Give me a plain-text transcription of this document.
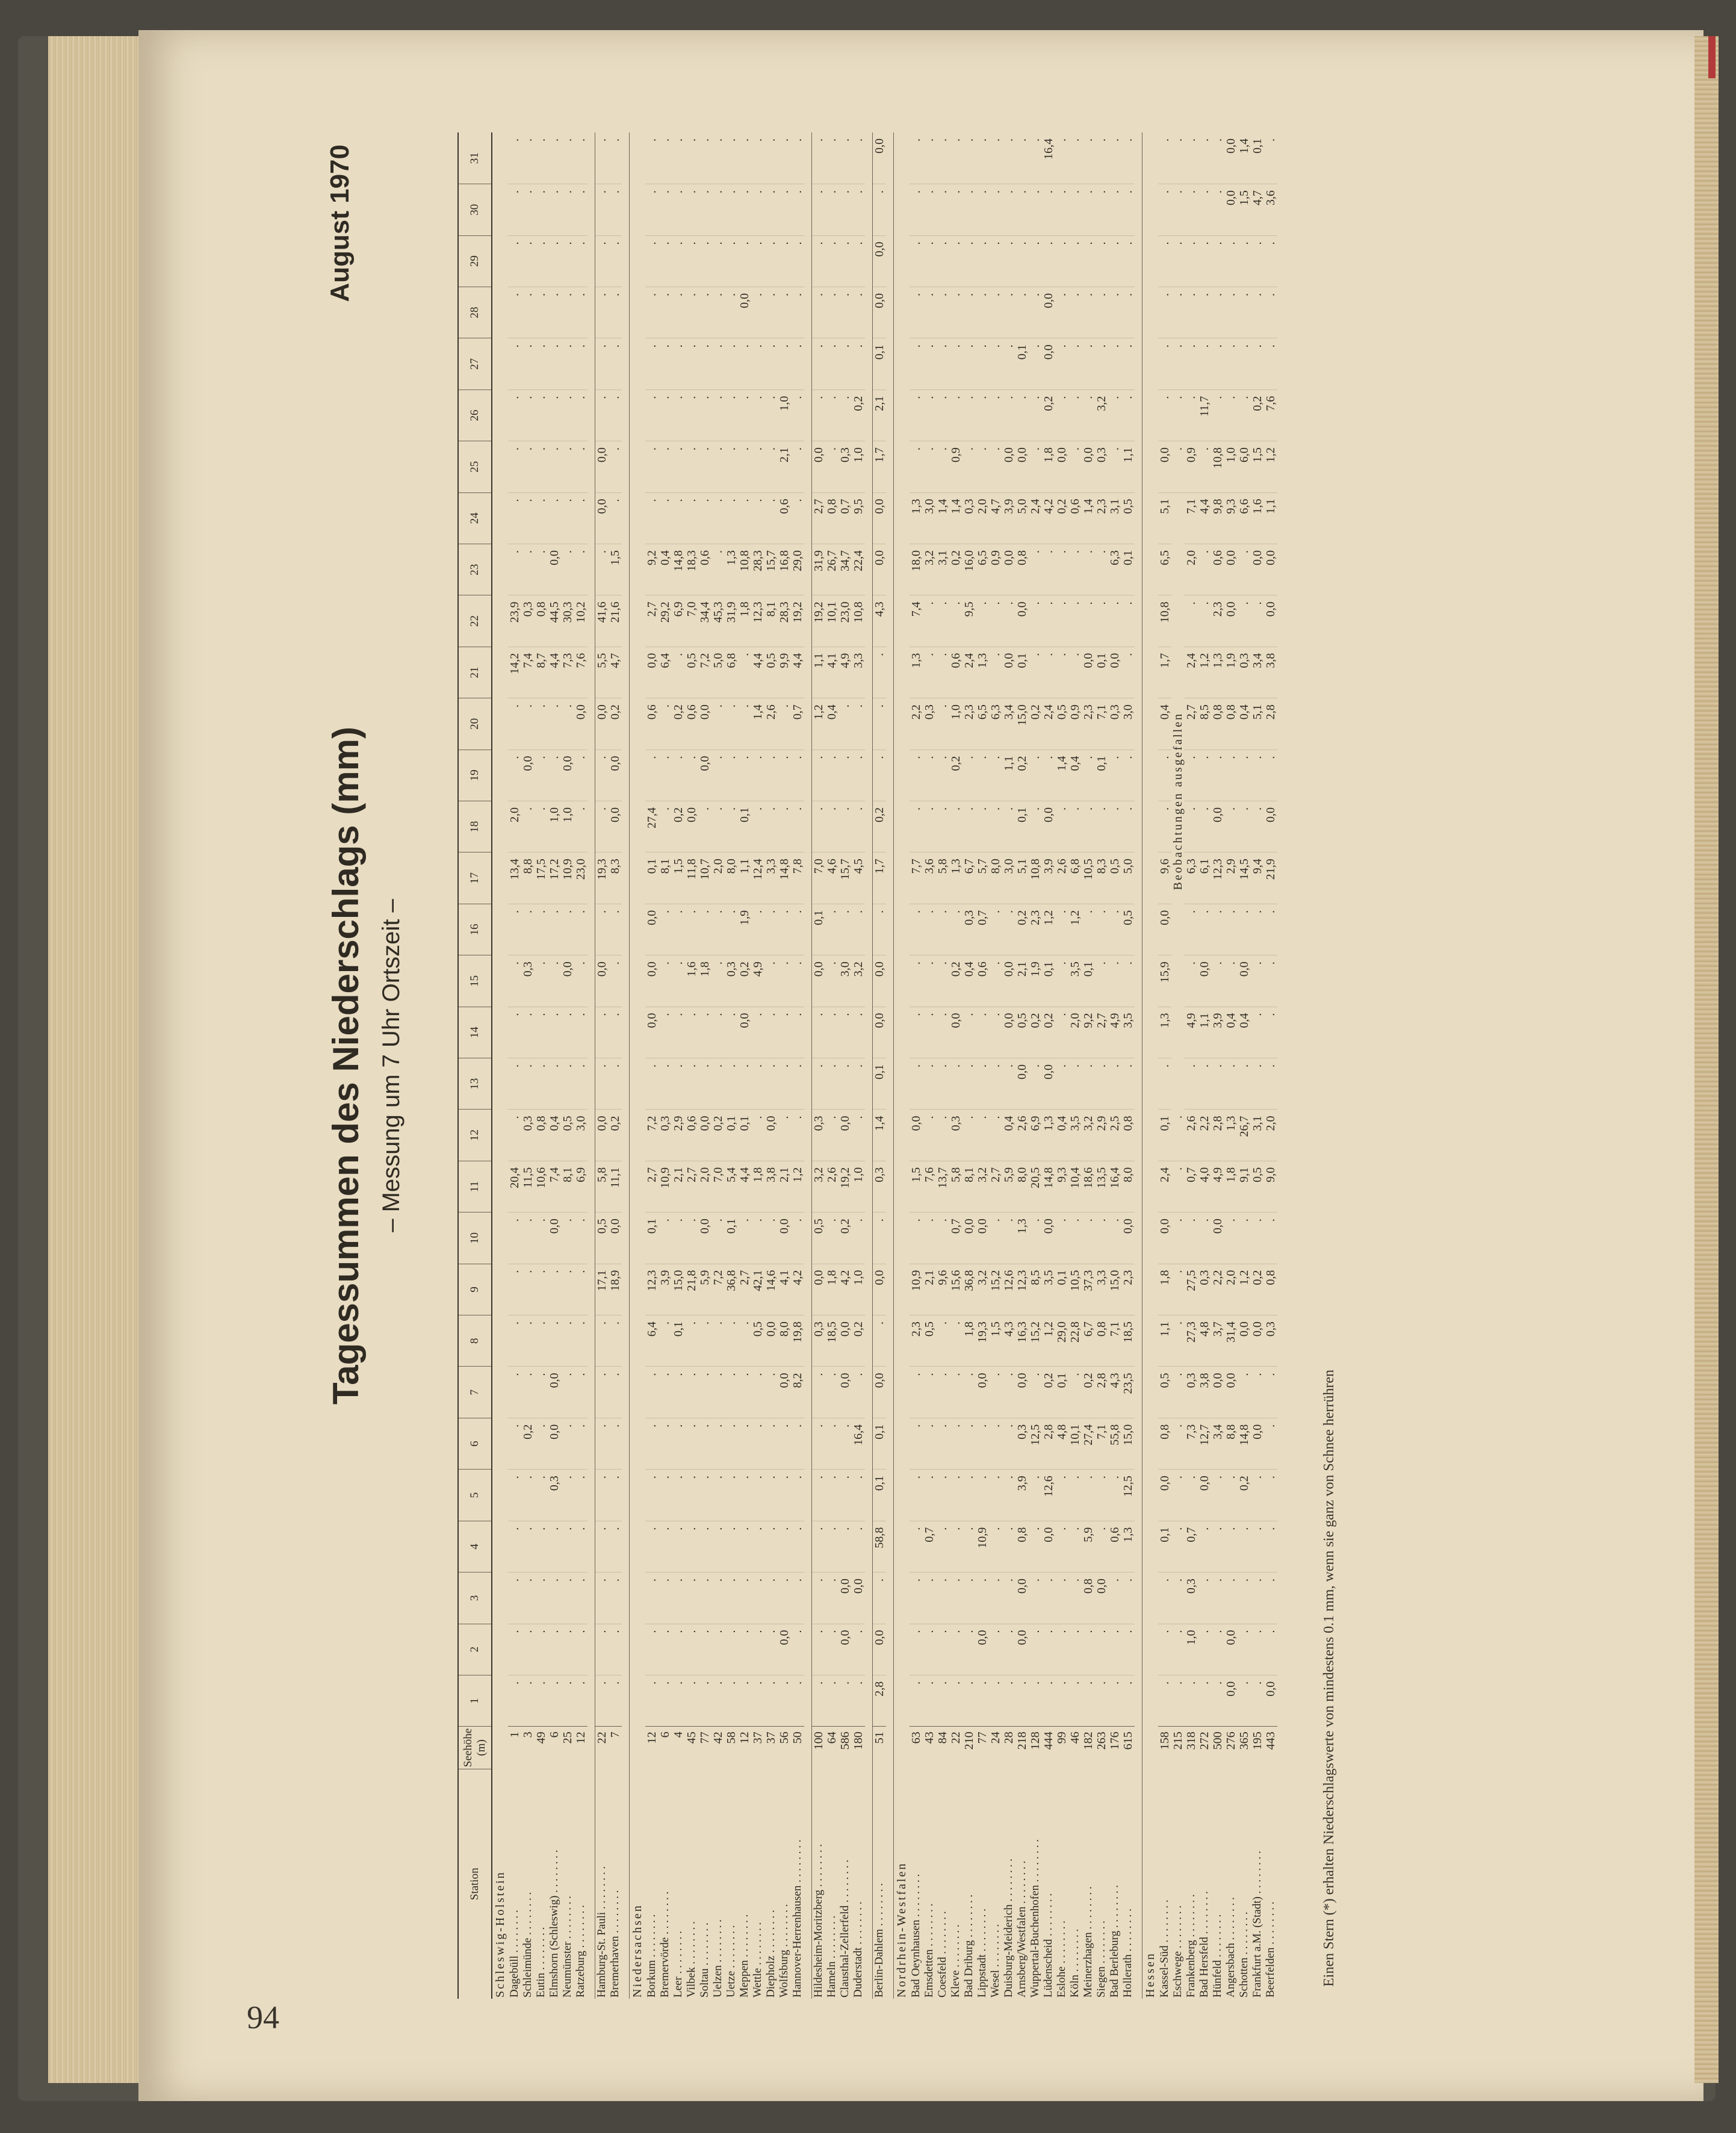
94
Einen Stern (*) erhalten Niederschlagswerte von mindestens 0.1 mm, wenn sie ganz von Schnee herrühren
Tagessummen des Niederschlags (mm) – Messung um 7 Uhr Ortszeit –
August 1970
Station	Seehöhe (m)	1	2	3	4	5	6	7	8	9	10	11	12	13	14	15	16	17	18	19	20	21	22	23	24	25	26	27	28	29	30	31
Schleswig-Holstein																																
Dagebüll . . . . . . . .	1	.	.	.	.	.	.	.	.	.	.	20,4	.	.	.	.	.	13,4	2,0	.	.	14,2	23,9	.	.	.	.	.	.	.	.	.
Schleimünde . . . . . . . .	3	.	.	.	.	.	0,2	.	.	.	.	11,5	0,3	.	.	0,3	.	8,8	.	0,0	.	7,4	0,3	.	.	.	.	.	.	.	.	.
Eutin . . . . . . . .	49	.	.	.	.	.	.	.	.	.	.	10,6	0,8	.	.	.	.	17,5	.	.	.	8,7	0,8	.	.	.	.	.	.	.	.	.
Elmshorn (Schleswig) . . . . . . . .	6	.	.	.	.	0,3	0,0	0,0	.	.	0,0	7,4	0,4	.	.	.	.	17,2	1,0	.	.	4,4	44,5	0,0	.	.	.	.	.	.	.	.
Neumünster . . . . . . . .	25	.	.	.	.	.	.	.	.	.	.	8,1	0,5	.	.	0,0	.	10,9	1,0	0,0	.	7,3	30,3	.	.	.	.	.	.	.	.	.
Ratzeburg . . . . . . . .	12	.	.	.	.	.	.	.	.	.	.	6,9	3,0	.	.	.	.	23,0	.	.	0,0	7,6	10,2	.	.	.	.	.	.	.	.	.

Hamburg-St. Pauli . . . . . . . .	22	.	.	.	.	.	.	.	.	17,1	0,5	5,8	0,0	.	.	0,0	.	19,3	.	.	0,0	5,5	41,6	.	0,0	0,0	.	.	.	.	.	.
Bremerhaven . . . . . . . .	7	.	.	.	.	.	.	.	.	18,9	0,0	11,1	0,2	.	.	.	.	8,3	0,0	0,0	0,2	4,7	21,6	1,5	.	.	.	.	.	.	.	.

Niedersachsen																																
Borkum . . . . . . . .	12	.	.	.	.	.	.	.	6,4	12,3	0,1	2,7	7,2	.	0,0	0,0	0,0	0,1	27,4	.	0,6	0,0	2,7	9,2	.	.	.	.	.	.	.	.
Bremervörde . . . . . . . .	6	.	.	.	.	.	.	.	.	3,9	.	10,9	0,3	.	.	.	.	8,1	.	.	.	6,4	29,2	0,4	.	.	.	.	.	.	.	.
Leer . . . . . . . .	4	.	.	.	.	.	.	.	0,1	15,0	.	2,1	2,9	.	.	.	.	1,5	0,2	.	0,2	.	6,9	14,8	.	.	.	.	.	.	.	.
Vilbek . . . . . . . .	45	.	.	.	.	.	.	.	.	21,8	.	2,7	0,6	.	.	1,6	.	11,8	0,0	.	0,6	0,5	7,0	18,3	.	.	.	.	.	.	.	.
Soltau . . . . . . . .	77	.	.	.	.	.	.	.	.	5,9	0,0	2,0	0,0	.	.	1,8	.	10,7	.	0,0	0,0	7,2	34,4	0,6	.	.	.	.	.	.	.	.
Uelzen . . . . . . . .	42	.	.	.	.	.	.	.	.	7,2	.	7,0	0,2	.	.	.	.	2,0	.	.	.	5,0	45,3	.	.	.	.	.	.	.	.	.
Uetze . . . . . . . .	58	.	.	.	.	.	.	.	.	36,8	0,1	5,4	0,1	.	.	0,3	.	8,0	.	.	.	6,8	31,9	1,3	.	.	.	.	.	.	.	.
Meppen . . . . . . . .	12	.	.	.	.	.	.	.	.	2,7	.	4,4	0,1	.	0,0	0,2	1,9	1,1	0,1	.	.	.	1,8	10,8	.	.	.	.	0,0	.	.	.
Wettle . . . . . . . .	37	.	.	.	.	.	.	.	0,5	42,1	.	1,8	.	.	.	4,9	.	12,4	.	.	1,4	4,4	12,3	28,3	.	.	.	.	.	.	.	.
Diepholz . . . . . . . .	37	.	.	.	.	.	.	.	0,0	14,6	.	3,8	0,0	.	.	.	.	3,3	.	.	2,6	0,5	8,1	15,7	.	.	.	.	.	.	.	.
Wolfsburg . . . . . . . .	56	.	0,0	.	.	.	.	0,0	8,0	4,1	0,0	2,1	.	.	.	.	.	14,8	.	.	.	9,9	28,3	16,8	0,6	2,1	1,0	.	.	.	.	.
Hannover-Herrenhausen . . . . . . . .	50	.	.	.	.	.	.	8,2	19,8	4,2	.	1,2	.	.	.	.	.	7,8	.	.	0,7	4,4	19,2	29,0	.	.	.	.	.	.	.	.

Hildesheim-Moritzberg . . . . . . . .	100	.	.	.	.	.	.	.	0,3	0,0	0,5	3,2	0,3	.	.	0,0	0,1	7,0	.	.	1,2	1,1	19,2	31,9	2,7	0,0	.	.	.	.	.	.
Hameln . . . . . . . .	64	.	.	.	.	.	.	.	18,5	1,8	.	2,6	.	.	.	.	.	4,6	.	.	0,4	4,1	10,1	26,7	0,8	.	.	.	.	.	.	.
Clausthal-Zellerfeld . . . . . . . .	586	.	0,0	0,0	.	.	.	0,0	0,0	4,2	0,2	19,2	0,0	.	.	3,0	.	15,7	.	.	.	4,9	23,0	34,7	0,7	0,3	.	.	.	.	.	.
Duderstadt . . . . . . . .	180	.	.	0,0	.	.	16,4	.	0,2	1,0	.	1,0	.	.	.	3,2	.	4,5	.	.	.	3,3	10,8	22,4	9,5	1,0	0,2	.	.	.	.	.

Berlin-Dahlem . . . . . . . .	51	2,8	0,0	.	58,8	0,1	0,1	0,0	.	0,0	.	0,3	1,4	0,1	0,0	0,0	.	1,7	0,2	.	.	.	4,3	0,0	0,0	1,7	2,1	0,1	0,0	0,0	.	0,0

Nordrhein-Westfalen																																
Bad Oeynhausen . . . . . . . .	63	.	.	.	.	.	.	.	2,3	10,9	.	1,5	0,0	.	.	.	.	7,7	.	.	2,2	1,3	7,4	18,0	1,3	.	.	.	.	.	.	.
Emsdetten . . . . . . . .	43	.	.	.	0,7	.	.	.	0,5	2,1	.	7,6	.	.	.	.	.	3,6	.	.	0,3	.	.	3,2	3,0	.	.	.	.	.	.	.
Coesfeld . . . . . . . .	84	.	.	.	.	.	.	.	.	9,6	.	13,7	.	.	.	.	.	5,8	.	.	.	.	.	3,1	1,4	.	.	.	.	.	.	.
Kleve . . . . . . . .	22	.	.	.	.	.	.	.	.	15,6	0,7	5,8	0,3	.	0,0	0,2	.	1,3	.	0,2	1,0	0,6	.	0,2	1,4	0,9	.	.	.	.	.	.
Bad Driburg . . . . . . . .	210	.	.	.	.	.	.	.	1,8	36,8	0,0	8,1	.	.	.	0,4	0,3	6,7	.	.	2,3	2,4	9,5	16,0	0,3	.	.	.	.	.	.	.
Lippstadt . . . . . . . .	77	.	0,0	.	10,9	.	.	0,0	19,3	3,2	0,0	3,2	.	.	.	0,6	0,7	5,7	.	.	6,5	1,3	.	6,5	2,0	.	.	.	.	.	.	.
Wesel . . . . . . . .	24	.	.	.	.	.	.	.	1,5	15,2	.	2,7	.	.	.	.	.	8,0	.	.	6,3	.	.	0,9	4,7	.	.	.	.	.	.	.
Duisburg-Meiderich . . . . . . . .	28	.	.	.	.	.	.	.	4,3	12,6	.	5,9	0,4	.	0,0	0,0	.	3,0	.	1,1	3,4	0,0	.	0,0	3,9	0,0	.	.	.	.	.	.
Arnsberg/Westfalen . . . . . . . .	218	.	0,0	0,0	0,8	3,9	0,3	0,0	16,3	12,3	1,3	8,0	2,6	0,0	0,5	2,1	0,2	5,1	0,1	0,2	15,0	0,1	0,0	0,8	5,0	0,0	.	0,1	.	.	.	.
Wuppertal-Buchenhofen . . . . . . . .	128	.	.	.	.	.	12,5	.	15,2	8,5	.	20,5	6,9	.	0,2	1,9	2,3	10,8	.	.	0,2	.	.	.	2,4	.	.	.	.	.	.	.
Lüdenscheid . . . . . . . .	444	.	.	.	0,0	12,6	2,8	0,2	1,2	3,5	0,0	14,8	1,3	0,0	0,2	0,1	1,2	3,9	0,0	.	2,4	.	.	.	4,2	1,8	0,2	0,0	0,0	.	.	16,4
Eslohe . . . . . . . .	99	.	.	.	.	.	4,8	0,1	29,0	0,1	.	9,3	0,4	.	.	.	.	2,6	.	1,4	0,5	.	.	.	0,2	0,0	.	.	.	.	.	.
Köln . . . . . . . .	46	.	.	.	.	.	10,1	.	22,8	10,5	.	10,4	3,5	.	2,0	3,5	1,2	6,8	.	0,4	0,9	.	.	.	0,6	.	.	.	.	.	.	.
Meinerzhagen . . . . . . . .	182	.	.	0,8	5,9	.	27,4	0,2	6,7	37,3	.	18,6	3,2	.	9,2	0,1	.	10,5	.	.	2,3	0,0	.	.	1,4	0,0	.	.	.	.	.	.
Siegen . . . . . . . .	263	.	.	0,0	.	.	7,1	2,8	0,8	3,3	.	13,5	2,9	.	2,7	.	.	8,3	.	0,1	7,1	0,1	.	.	2,3	0,3	3,2	.	.	.	.	.
Bad Berleburg . . . . . . . .	176	.	.	.	0,6	.	55,8	4,3	7,1	15,0	.	16,4	2,5	.	4,9	.	.	0,5	.	.	0,3	0,0	.	6,3	3,1	.	.	.	.	.	.	.
Hollerath . . . . . . . .	615	.	.	.	1,3	12,5	15,0	23,5	18,5	2,3	0,0	8,0	0,8	.	3,5	.	0,5	5,0	.	.	3,0	.	.	0,1	0,5	1,1	.	.	.	.	.	.

Hessen																																
Kassel-Süd . . . . . . . .	158	.	.	.	0,1	0,0	0,8	0,5	1,1	1,8	0,0	2,4	0,1	.	1,3	15,9	0,0	9,6	.	.	0,4	1,7	10,8	6,5	5,1	0,0	.	.	.	.	.	.
Eschwege . . . . . . . .	215	.	.	.	.	.	.	.	.	.	.	.	.	Beobachtungen ausgefallen												.	.	.	.	.	.	.
Frankenberg . . . . . . . .	318	.	1,0	0,3	0,7	.	7,3	0,3	27,3	27,5	.	0,7	2,6	.	4,9	.	.	6,3	.	.	2,7	2,4	.	2,0	7,1	0,9	.	.	.	.	.	.
Bad Hersfeld . . . . . . . .	272	.	.	.	.	0,0	12,7	3,8	4,8	0,3	.	4,0	2,2	.	1,1	0,0	.	6,1	.	.	8,5	1,2	.	.	4,4	.	11,7	.	.	.	.	.
Hünfeld . . . . . . . .	500	.	.	.	.	.	3,4	0,0	3,7	2,2	0,0	4,9	2,8	.	3,9	.	.	12,3	0,0	.	0,8	1,3	2,3	0,6	9,8	10,8	.	.	.	.	.	.
Angersbach . . . . . . . .	276	0,0	0,0	.	.	.	8,8	0,0	31,4	2,0	.	1,8	1,3	.	0,4	.	.	2,9	.	.	0,8	1,9	0,0	0,0	9,3	1,0	.	.	.	.	0,0	0,0
Schotten . . . . . . . .	365	.	.	.	.	0,2	14,8	.	0,0	1,2	.	9,1	26,7	.	0,4	0,0	.	14,5	.	.	0,4	0,3	.	.	6,6	6,0	.	.	.	.	1,5	1,4
Frankfurt a.M. (Stadt) . . . . . . . .	195	.	.	.	.	.	0,0	.	0,0	0,2	.	0,5	3,1	.	.	.	.	9,4	.	.	5,1	3,4	.	0,0	1,6	1,5	0,2	.	.	.	4,7	0,1
Beerfelden . . . . . . . .	443	0,0	.	.	.	.	.	.	0,3	0,8	.	9,0	2,0	.	.	.	.	21,9	0,0	.	2,8	3,8	0,0	0,0	1,1	1,2	7,6	.	.	.	3,6	.
